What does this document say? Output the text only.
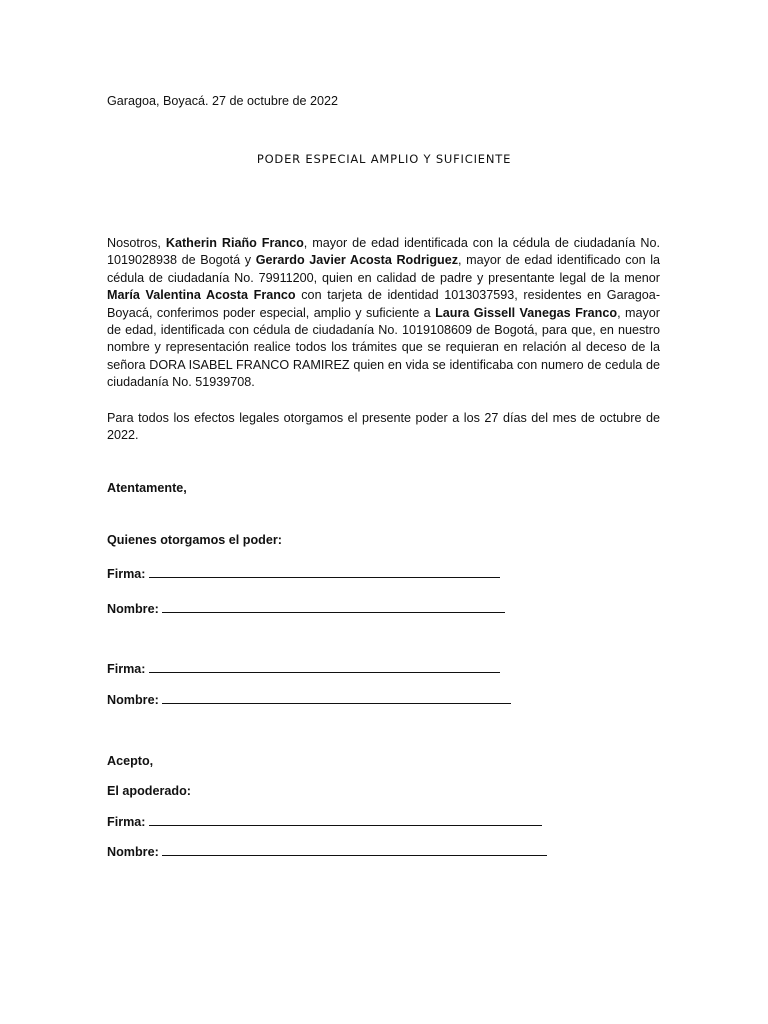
Garagoa, Boyacá. 27 de octubre de 2022
PODER ESPECIAL AMPLIO Y SUFICIENTE
Nosotros, Katherin Riaño Franco, mayor de edad identificada con la cédula de ciudadanía No. 1019028938 de Bogotá y Gerardo Javier Acosta Rodriguez, mayor de edad identificado con la cédula de ciudadanía No. 79911200, quien en calidad de padre y presentante legal de la menor María Valentina Acosta Franco con tarjeta de identidad 1013037593, residentes en Garagoa-Boyacá, conferimos poder especial, amplio y suficiente a Laura Gissell Vanegas Franco, mayor de edad, identificada con cédula de ciudadanía No. 1019108609 de Bogotá, para que, en nuestro nombre y representación realice todos los trámites que se requieran en relación al deceso de la señora DORA ISABEL FRANCO RAMIREZ quien en vida se identificaba con numero de cedula de ciudadanía No. 51939708.
Para todos los efectos legales otorgamos el presente poder a los 27 días del mes de octubre de 2022.
Atentamente,
Quienes otorgamos el poder:
Firma:
Nombre:
Firma:
Nombre:
Acepto,
El apoderado:
Firma:
Nombre:
